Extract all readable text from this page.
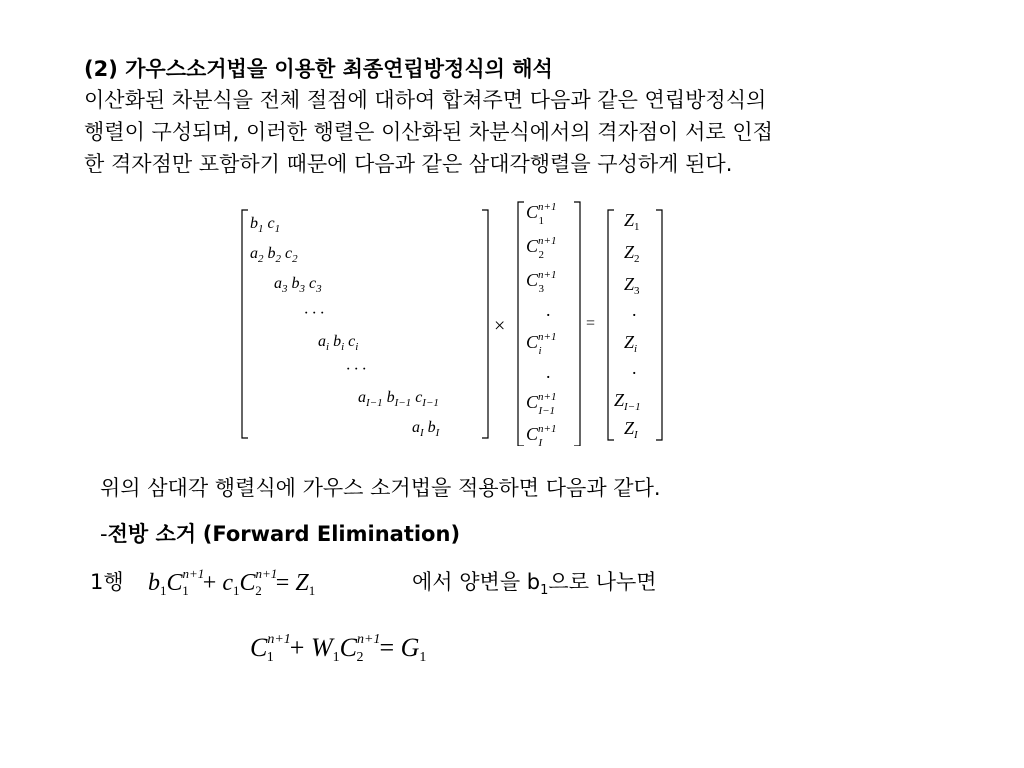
(2) 가우스소거법을 이용한 최종연립방정식의 해석
이산화된 차분식을 전체 절점에 대하여 합쳐주면 다음과 같은 연립방정식의
행렬이 구성되며, 이러한 행렬은 이산화된 차분식에서의 격자점이 서로 인접
한 격자점만 포함하기 때문에 다음과 같은 삼대각행렬을 구성하게 된다.
$b_1$ $c_1$
$a_2$ $b_2$ $c_2$
$a_3$ $b_3$ $c_3$
· · ·
$a_i$ $b_i$ $c_i$
· · ·
$a_{I-1}$ $b_{I-1}$ $c_{I-1}$
$a_I$ $b_I$
×
$C^{n+1}$ 1
$C^{n+1}$ 2
$C^{n+1}$ 3
.
$C^{n+1}$ i
.
$C^{n+1}$ I−1
$C^{n+1}$ I
=
$Z_1$
$Z_2$
$Z_3$
.
$Z_i$
.
$Z_{I-1}$
$Z_I$
위의 삼대각 행렬식에 가우스 소거법을 적용하면 다음과 같다.
-전방 소거 (Forward Elimination)
1행 $b_1C^{n+1}$ $1 + c_1C^{n+1}$ $2 = Z_1$	에서 양변을 $b_1$으로 나누면
$C^{n+1}$ $1 + W1C^{n+1}$ 2 = G1
